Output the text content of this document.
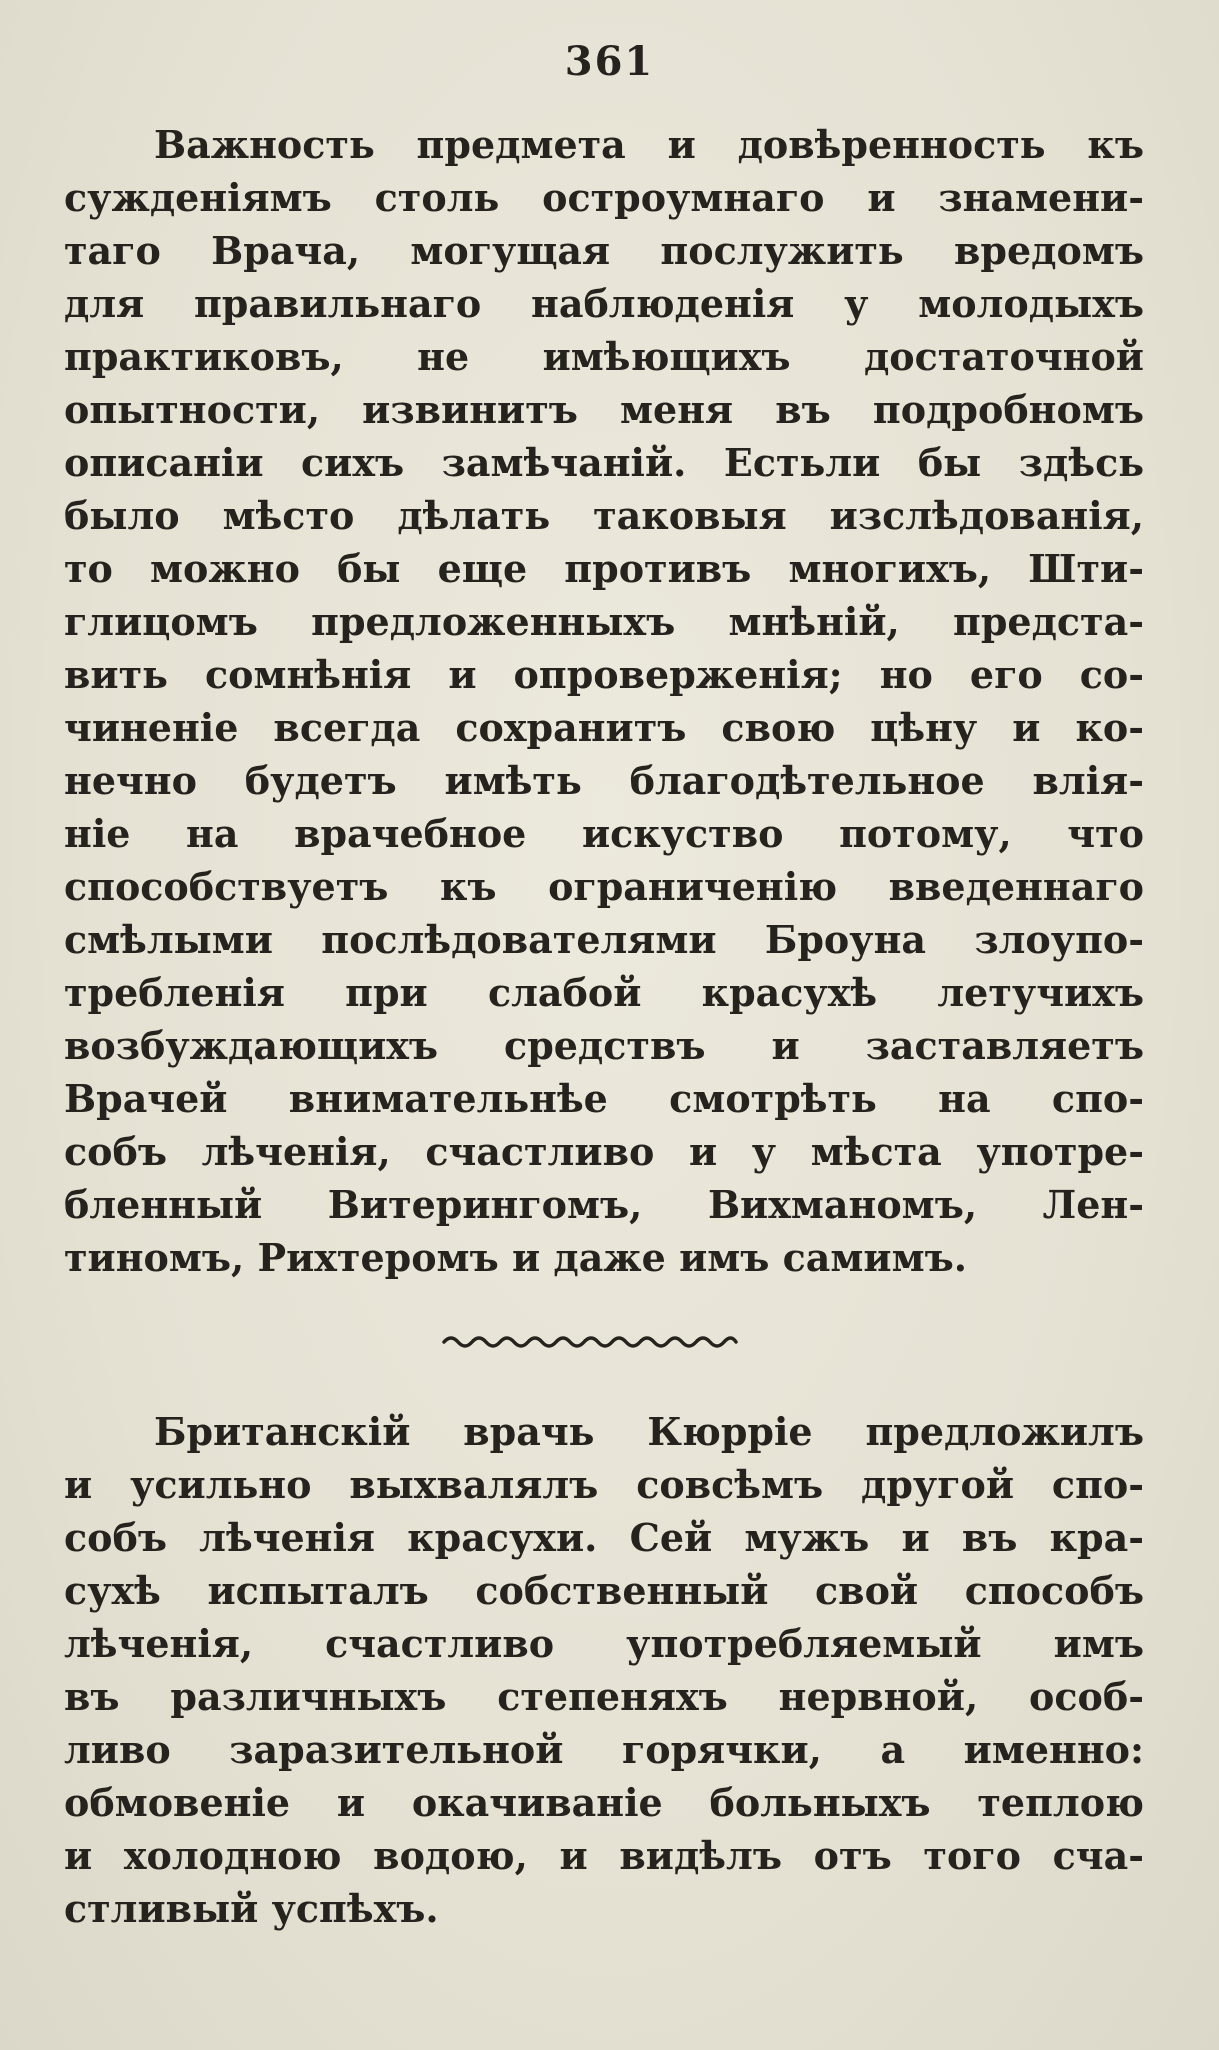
361
Важность предмета и довѣренность къ
сужденіямъ столь остроумнаго и знамени-
таго Врача, могущая послужить вредомъ
для правильнаго наблюденія у молодыхъ
практиковъ, не имѣющихъ достаточной
опытности, извинитъ меня въ подробномъ
описаніи сихъ замѣчаній. Естьли бы здѣсь
было мѣсто дѣлать таковыя изслѣдованія,
то можно бы еще противъ многихъ, Шти-
глицомъ предложенныхъ мнѣній, предста-
вить сомнѣнія и опроверженія; но его со-
чиненіе всегда сохранитъ свою цѣну и ко-
нечно будетъ имѣть благодѣтельное влія-
ніе на врачебное искуство потому, что
способствуетъ къ ограниченію введеннаго
смѣлыми послѣдователями Броуна злоупо-
требленія при слабой красухѣ летучихъ
возбуждающихъ средствъ и заставляетъ
Врачей внимательнѣе смотрѣть на спо-
собъ лѣченія, счастливо и у мѣста употре-
бленный Витерингомъ, Вихманомъ, Лен-
тиномъ, Рихтеромъ и даже имъ самимъ.
Британскій врачь Кюрріе предложилъ
и усильно выхвалялъ совсѣмъ другой спо-
собъ лѣченія красухи. Сей мужъ и въ кра-
сухѣ испыталъ собственный свой способъ
лѣченія, счастливо употребляемый имъ
въ различныхъ степеняхъ нервной, особ-
ливо заразительной горячки, а именно:
обмовеніе и окачиваніе больныхъ теплою
и холодною водою, и видѣлъ отъ того сча-
стливый успѣхъ.
